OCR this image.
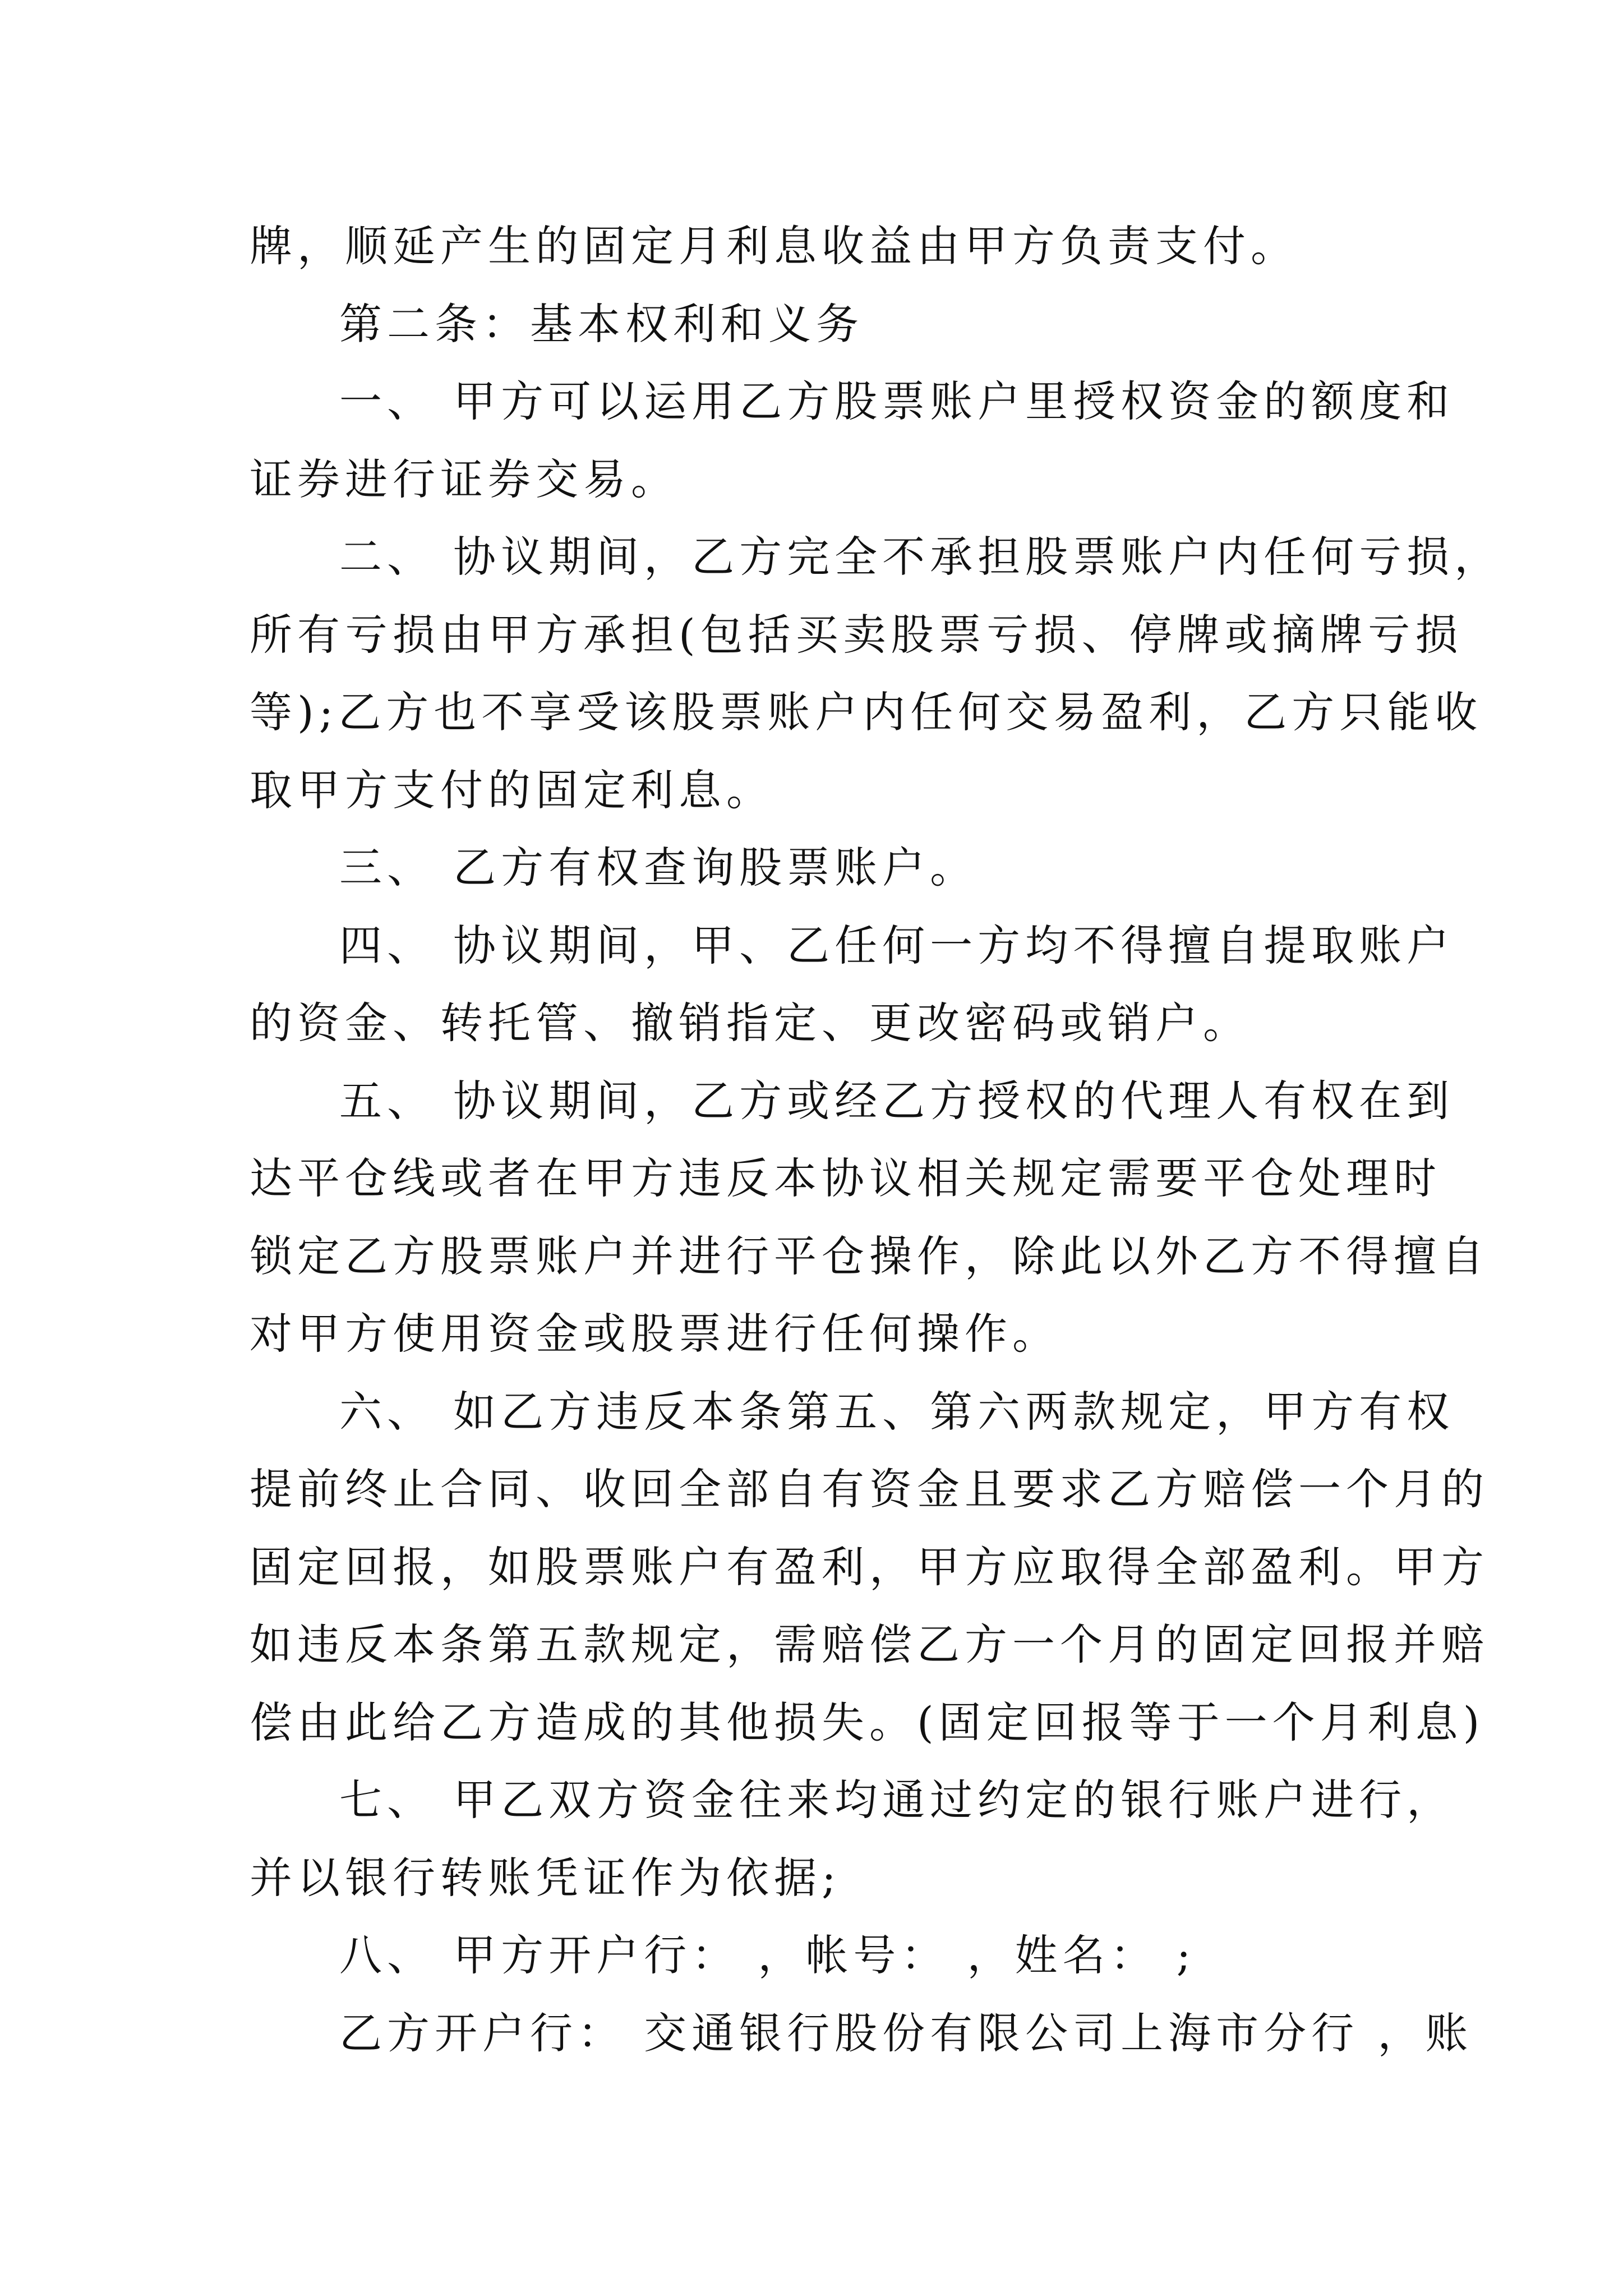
牌，顺延产生的固定月利息收益由甲方负责支付。
第二条：基本权利和义务
一、 甲方可以运用乙方股票账户里授权资金的额度和
证券进行证券交易。
二、 协议期间，乙方完全不承担股票账户内任何亏损，
所有亏损由甲方承担(包括买卖股票亏损、停牌或摘牌亏损
等);乙方也不享受该股票账户内任何交易盈利，乙方只能收
取甲方支付的固定利息。
三、 乙方有权查询股票账户。
四、 协议期间，甲、乙任何一方均不得擅自提取账户
的资金、转托管、撤销指定、更改密码或销户。
五、 协议期间，乙方或经乙方授权的代理人有权在到
达平仓线或者在甲方违反本协议相关规定需要平仓处理时
锁定乙方股票账户并进行平仓操作，除此以外乙方不得擅自
对甲方使用资金或股票进行任何操作。
六、 如乙方违反本条第五、第六两款规定，甲方有权
提前终止合同、收回全部自有资金且要求乙方赔偿一个月的
固定回报，如股票账户有盈利，甲方应取得全部盈利。甲方
如违反本条第五款规定，需赔偿乙方一个月的固定回报并赔
偿由此给乙方造成的其他损失。(固定回报等于一个月利息)
七、 甲乙双方资金往来均通过约定的银行账户进行，
并以银行转账凭证作为依据;
八、 甲方开户行： ，帐号： ，姓名： ;
乙方开户行： 交通银行股份有限公司上海市分行 ，账
